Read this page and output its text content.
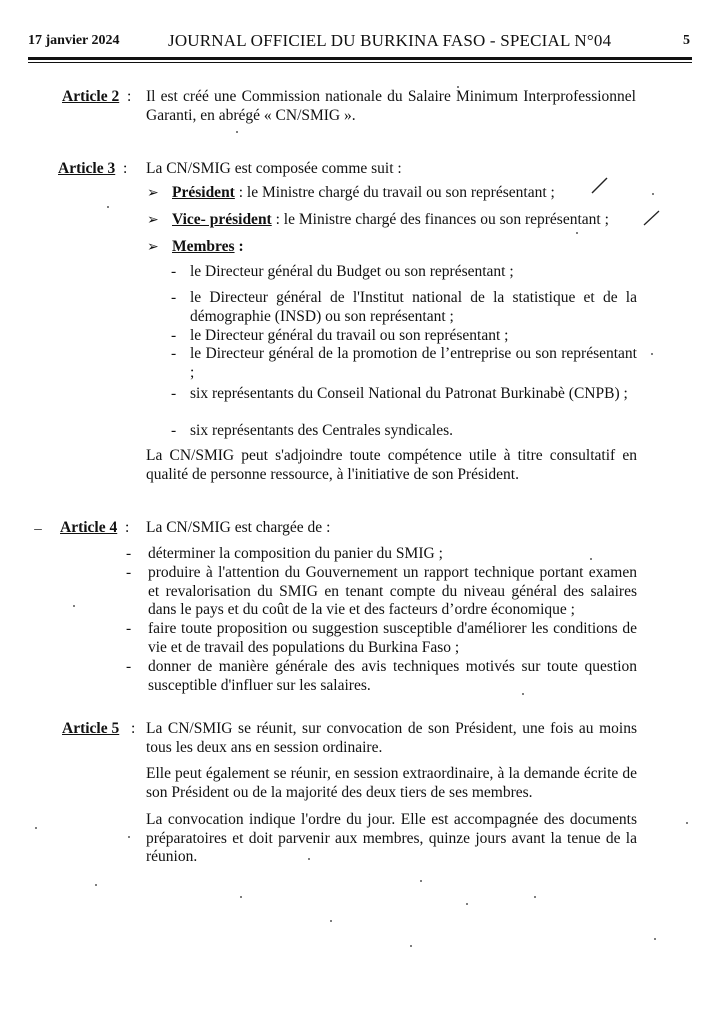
17 janvier 2024	JOURNAL OFFICIEL DU BURKINA FASO - SPECIAL N°04	5
Article 2 : Il est créé une Commission nationale du Salaire Minimum Interprofessionnel Garanti, en abrégé « CN/SMIG ».
Article 3 : La CN/SMIG est composée comme suit :
➢ Président : le Ministre chargé du travail ou son représentant ;
➢ Vice- président : le Ministre chargé des finances ou son représentant ;
➢ Membres :
- le Directeur général du Budget ou son représentant ;
- le Directeur général de l'Institut national de la statistique et de la démographie (INSD) ou son représentant ;
- le Directeur général du travail ou son représentant ;
- le Directeur général de la promotion de l’entreprise ou son représentant ;
- six représentants du Conseil National du Patronat Burkinabè (CNPB) ;
- six représentants des Centrales syndicales.
La CN/SMIG peut s'adjoindre toute compétence utile à titre consultatif en qualité de personne ressource, à l'initiative de son Président.
Article 4 : La CN/SMIG est chargée de :
- déterminer la composition du panier du SMIG ;
- produire à l'attention du Gouvernement un rapport technique portant examen et revalorisation du SMIG en tenant compte du niveau général des salaires dans le pays et du coût de la vie et des facteurs d’ordre économique ;
- faire toute proposition ou suggestion susceptible d'améliorer les conditions de vie et de travail des populations du Burkina Faso ;
- donner de manière générale des avis techniques motivés sur toute question susceptible d'influer sur les salaires.
Article 5 : La CN/SMIG se réunit, sur convocation de son Président, une fois au moins tous les deux ans en session ordinaire.
Elle peut également se réunir, en session extraordinaire, à la demande écrite de son Président ou de la majorité des deux tiers de ses membres.
La convocation indique l'ordre du jour. Elle est accompagnée des documents préparatoires et doit parvenir aux membres, quinze jours avant la tenue de la réunion.
